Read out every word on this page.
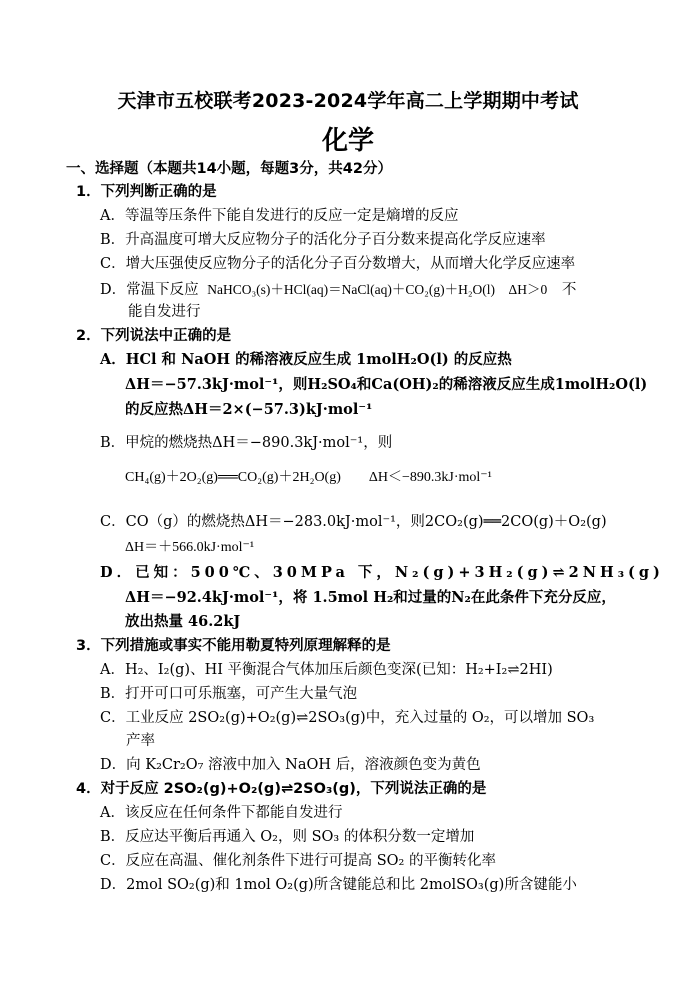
天津市五校联考2023-2024学年高二上学期期中考试
化学
一、选择题（本题共14小题，每题3分，共42分）
1．下列判断正确的是
A．等温等压条件下能自发进行的反应一定是熵增的反应
B．升高温度可增大反应物分子的活化分子百分数来提高化学反应速率
C．增大压强使反应物分子的活化分子百分数增大，从而增大化学反应速率
D．常温下反应 NaHCO₃(s)＋HCl(aq)＝NaCl(aq)＋CO₂(g)＋H₂O(l)　ΔH＞0 不
能自发进行
2．下列说法中正确的是
A．HCl 和 NaOH 的稀溶液反应生成 1molH₂O(l) 的反应热
ΔH＝−57.3kJ·mol⁻¹，则H₂SO₄和Ca(OH)₂的稀溶液反应生成1molH₂O(l)
的反应热ΔH＝2×(−57.3)kJ·mol⁻¹
B．甲烷的燃烧热ΔH＝−890.3kJ·mol⁻¹，则
CH₄(g)＋2O₂(g)══CO₂(g)＋2H₂O(g)　　ΔH＜−890.3kJ·mol⁻¹
C．CO（g）的燃烧热ΔH＝−283.0kJ·mol⁻¹，则2CO₂(g)══2CO(g)＋O₂(g)
ΔH＝＋566.0kJ·mol⁻¹
D．已知：500℃、30MPa 下，N₂(g)+3H₂(g)⇌2NH₃(g)
ΔH＝−92.4kJ·mol⁻¹，将 1.5mol H₂和过量的N₂在此条件下充分反应，
放出热量 46.2kJ
3．下列措施或事实不能用勒夏特列原理解释的是
A．H₂、I₂(g)、HI 平衡混合气体加压后颜色变深(已知：H₂+I₂⇌2HI)
B．打开可口可乐瓶塞，可产生大量气泡
C．工业反应 2SO₂(g)+O₂(g)⇌2SO₃(g)中，充入过量的 O₂，可以增加 SO₃
产率
D．向 K₂Cr₂O₇ 溶液中加入 NaOH 后，溶液颜色变为黄色
4．对于反应 2SO₂(g)+O₂(g)⇌2SO₃(g)，下列说法正确的是
A．该反应在任何条件下都能自发进行
B．反应达平衡后再通入 O₂，则 SO₃ 的体积分数一定增加
C．反应在高温、催化剂条件下进行可提高 SO₂ 的平衡转化率
D．2mol SO₂(g)和 1mol O₂(g)所含键能总和比 2molSO₃(g)所含键能小
